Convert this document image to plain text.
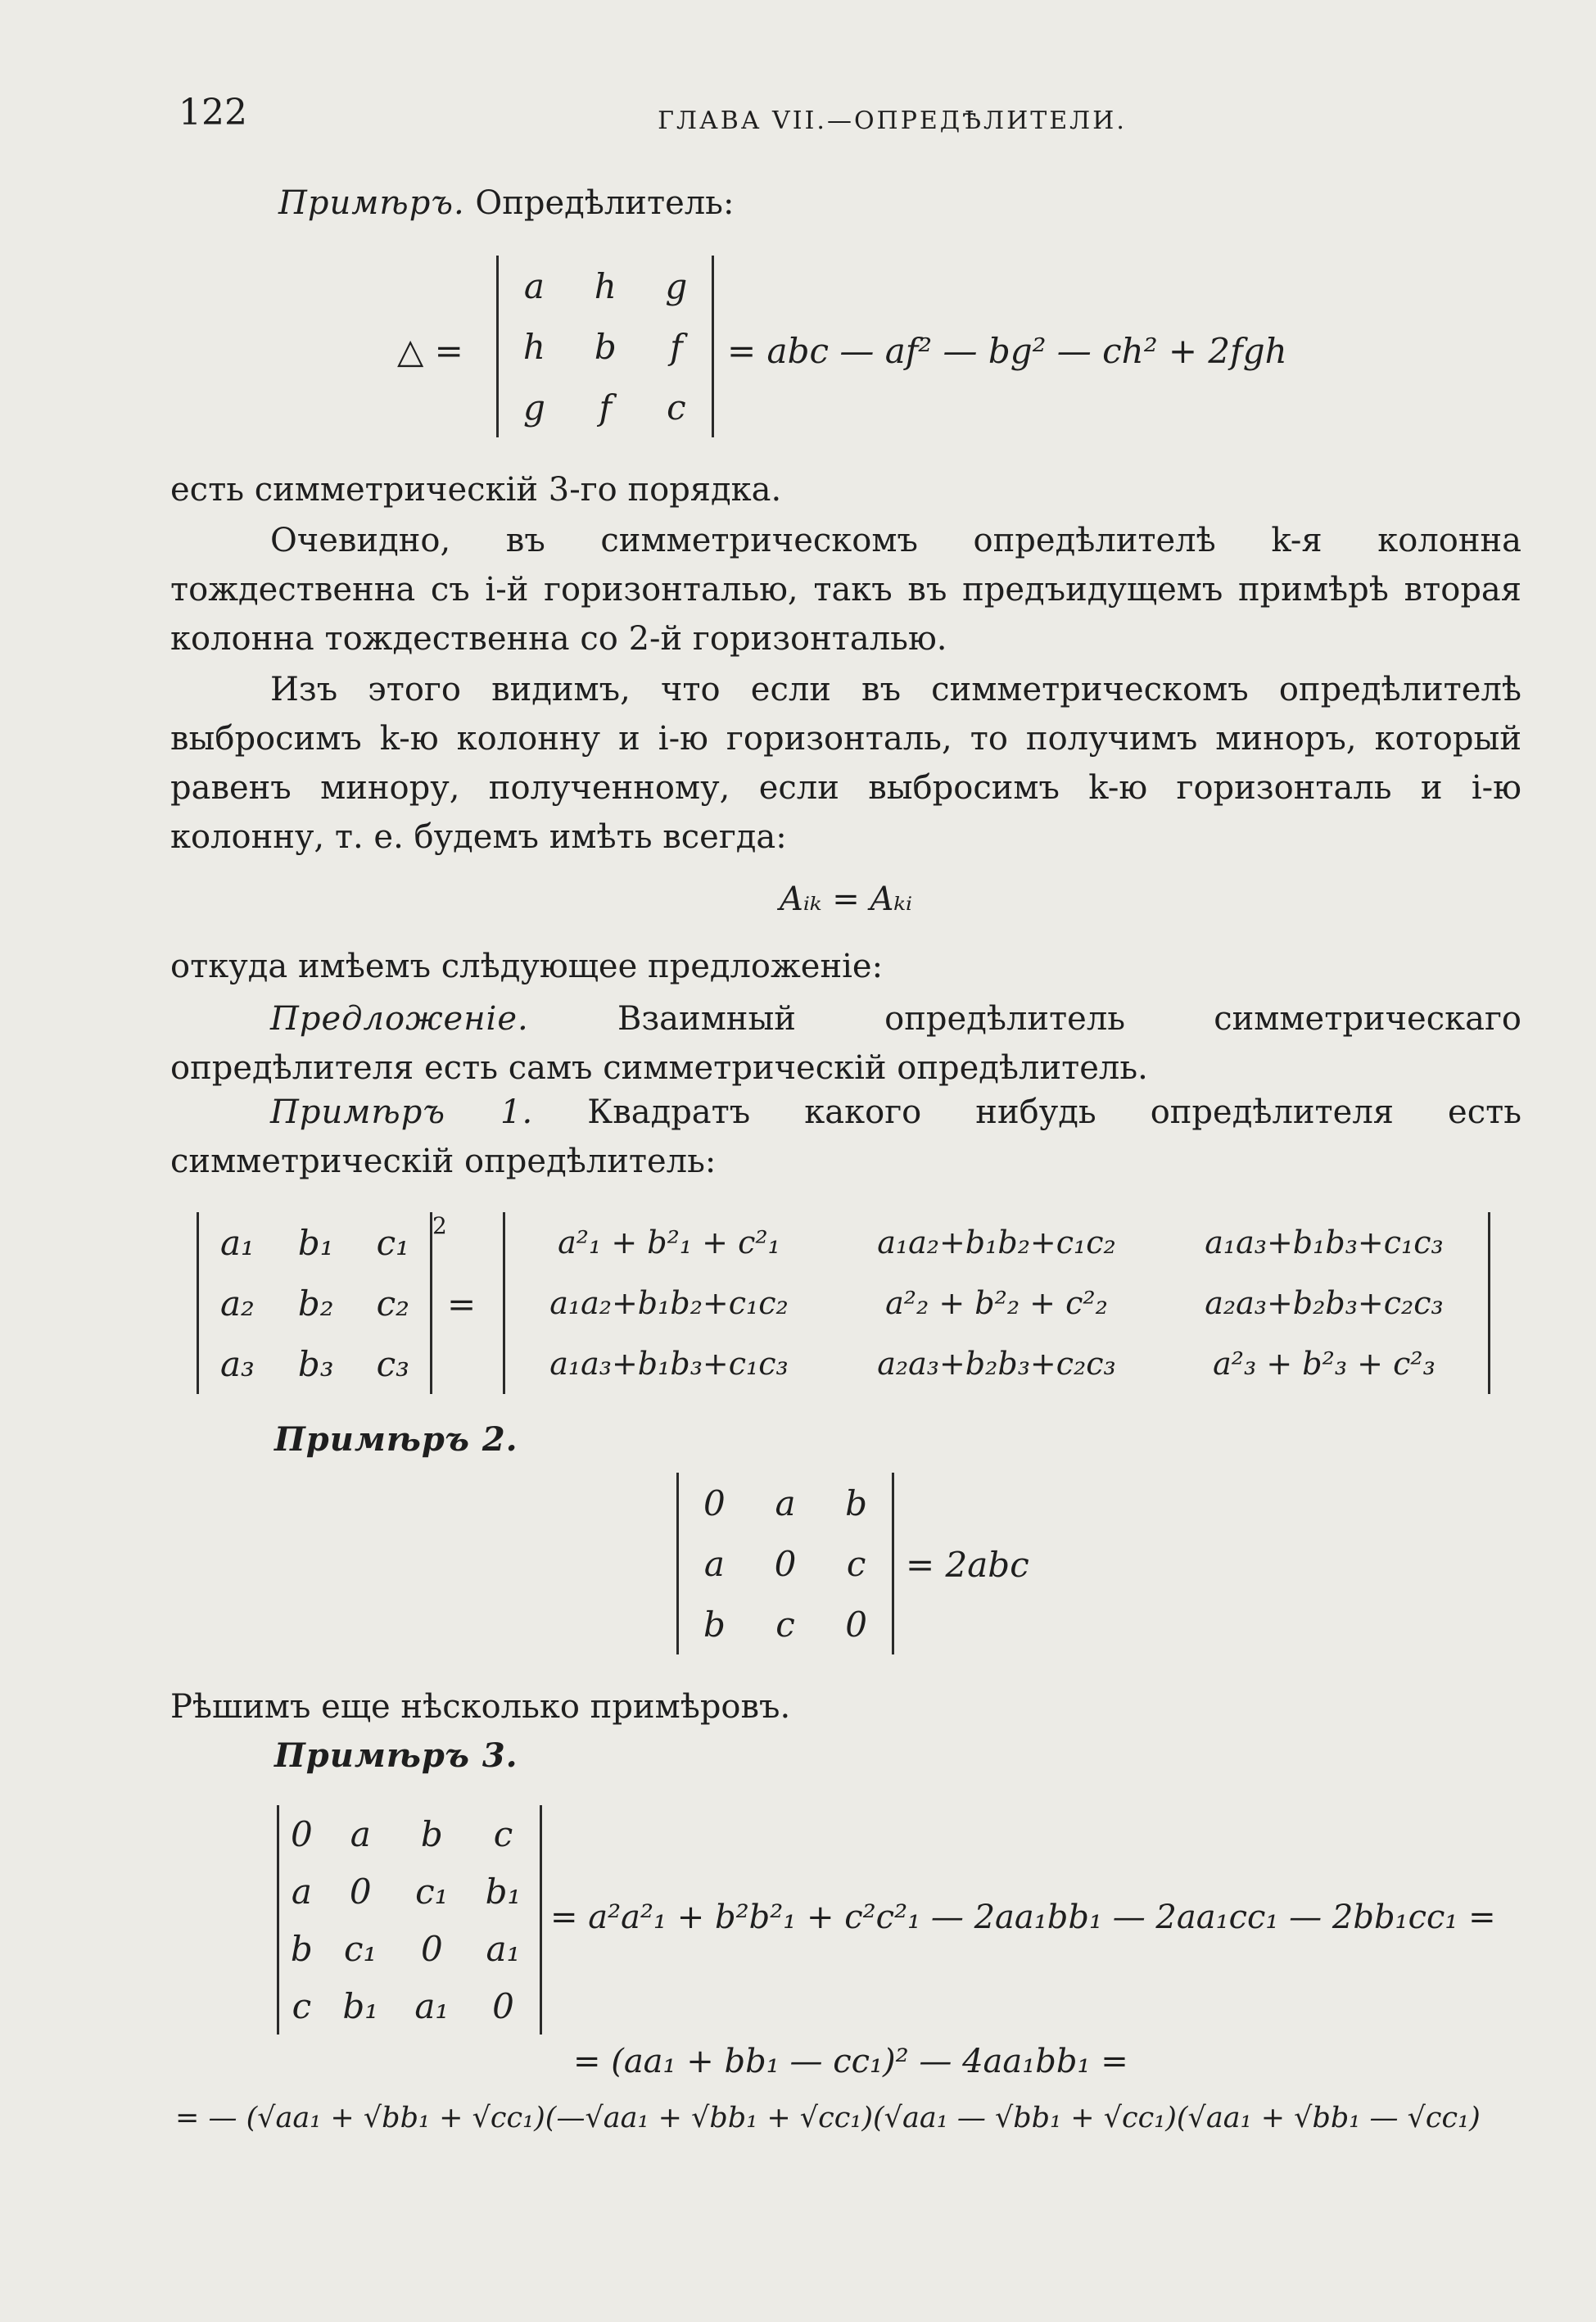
122	ГЛАВА VII.—ОПРЕДѢЛИТЕЛИ.
Примѣръ. Опредѣлитель:
△ =
a	h	g
h	b	f
g	f	c
= abc — af² — bg² — ch² + 2fgh
есть симметрическій 3-го порядка.
Очевидно, въ симметрическомъ опредѣлителѣ k-я колонна тождественна съ i-й горизонталью, такъ въ предъидущемъ примѣрѣ вторая колонна тождественна со 2-й горизонталью.
Изъ этого видимъ, что если въ симметрическомъ опредѣлителѣ выбросимъ k-ю колонну и i-ю горизонталь, то получимъ миноръ, который равенъ минору, полученному, если выбросимъ k-ю горизонталь и i-ю колонну, т. е. будемъ имѣть всегда:
Aᵢₖ = Aₖᵢ
откуда имѣемъ слѣдующее предложеніе:
Предложеніе.	Взаимный опредѣлитель симметрическаго опредѣлителя есть самъ симметрическій опредѣлитель.
Примѣръ 1. Квадратъ какого нибудь опредѣлителя есть симметрическій опредѣлитель:
a₁	b₁	c₁
a₂	b₂	c₂
a₃	b₃	c₃
2
=
a²₁ + b²₁ + c²₁	a₁a₂+b₁b₂+c₁c₂	a₁a₃+b₁b₃+c₁c₃
a₁a₂+b₁b₂+c₁c₂	a²₂ + b²₂ + c²₂	a₂a₃+b₂b₃+c₂c₃
a₁a₃+b₁b₃+c₁c₃	a₂a₃+b₂b₃+c₂c₃	a²₃ + b²₃ + c²₃
Примѣръ 2.
0	a	b
a	0	c
b	c	0
= 2abc
Рѣшимъ еще нѣсколько примѣровъ.
Примѣръ 3.
0	a	b	c
a	0	c₁	b₁
b	c₁	0	a₁
c	b₁	a₁	0
= a²a²₁ + b²b²₁ + c²c²₁ — 2aa₁bb₁ — 2aa₁cc₁ — 2bb₁cc₁ =
= (aa₁ + bb₁ — cc₁)² — 4aa₁bb₁ =
= — (√aa₁ + √bb₁ + √cc₁)(—√aa₁ + √bb₁ + √cc₁)(√aa₁ — √bb₁ + √cc₁)(√aa₁ + √bb₁ — √cc₁)
